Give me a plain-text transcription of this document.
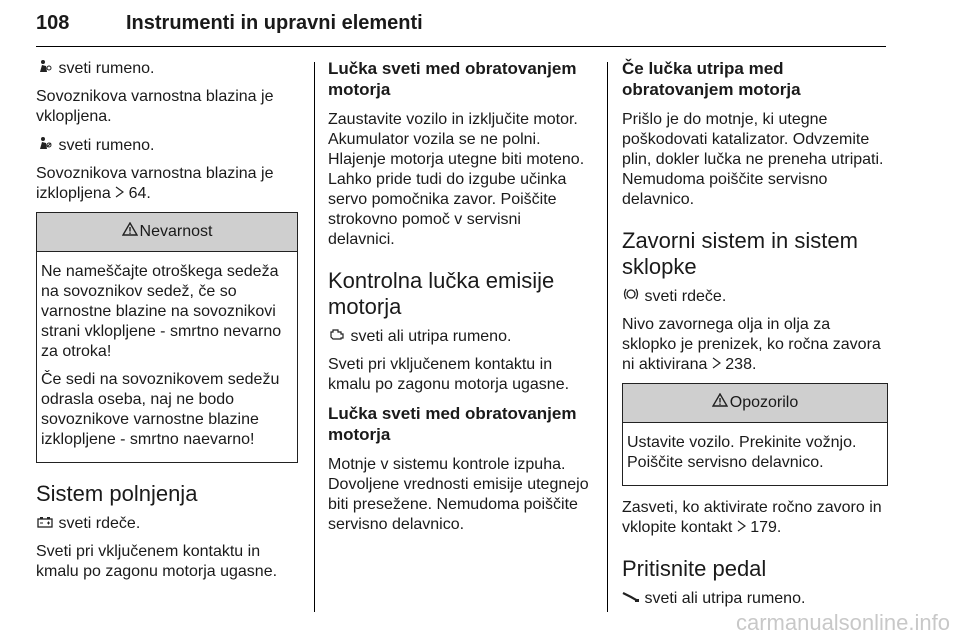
108	Instrumenti in upravni elementi

sveti rumeno.

Sovoznikova varnostna blazina je vklopljena.

sveti rumeno.

Sovoznikova varnostna blazina je izklopljena  64.

Nevarnost

Ne nameščajte otroškega sedeža na sovoznikov sedež, če so varnostne blazine na sovoznikovi strani vklopljene - smrtno nevarno za otroka!

Če sedi na sovoznikovem sedežu odrasla oseba, naj ne bodo sovoznikove varnostne blazine izklopljene - smrtno naevarno!

Sistem polnjenja

sveti rdeče.

Sveti pri vključenem kontaktu in kmalu po zagonu motorja ugasne.

Lučka sveti med obratovanjem motorja

Zaustavite vozilo in izključite motor. Akumulator vozila se ne polni. Hlajenje motorja utegne biti moteno. Lahko pride tudi do izgube učinka servo pomočnika zavor. Poiščite strokovno pomoč v servisni delavnici.

Kontrolna lučka emisije motorja

sveti ali utripa rumeno.

Sveti pri vključenem kontaktu in kmalu po zagonu motorja ugasne.

Lučka sveti med obratovanjem motorja

Motnje v sistemu kontrole izpuha. Dovoljene vrednosti emisije utegnejo biti presežene. Nemudoma poiščite servisno delavnico.

Če lučka utripa med obratovanjem motorja

Prišlo je do motnje, ki utegne poškodovati katalizator. Odvzemite plin, dokler lučka ne preneha utripati. Nemudoma poiščite servisno delavnico.

Zavorni sistem in sistem sklopke

sveti rdeče.

Nivo zavornega olja in olja za sklopko je prenizek, ko ročna zavora ni aktivirana  238.

Opozorilo

Ustavite vozilo. Prekinite vožnjo. Poiščite servisno delavnico.

Zasveti, ko aktivirate ročno zavoro in vklopite kontakt  179.

Pritisnite pedal

sveti ali utripa rumeno.

carmanualsonline.info
